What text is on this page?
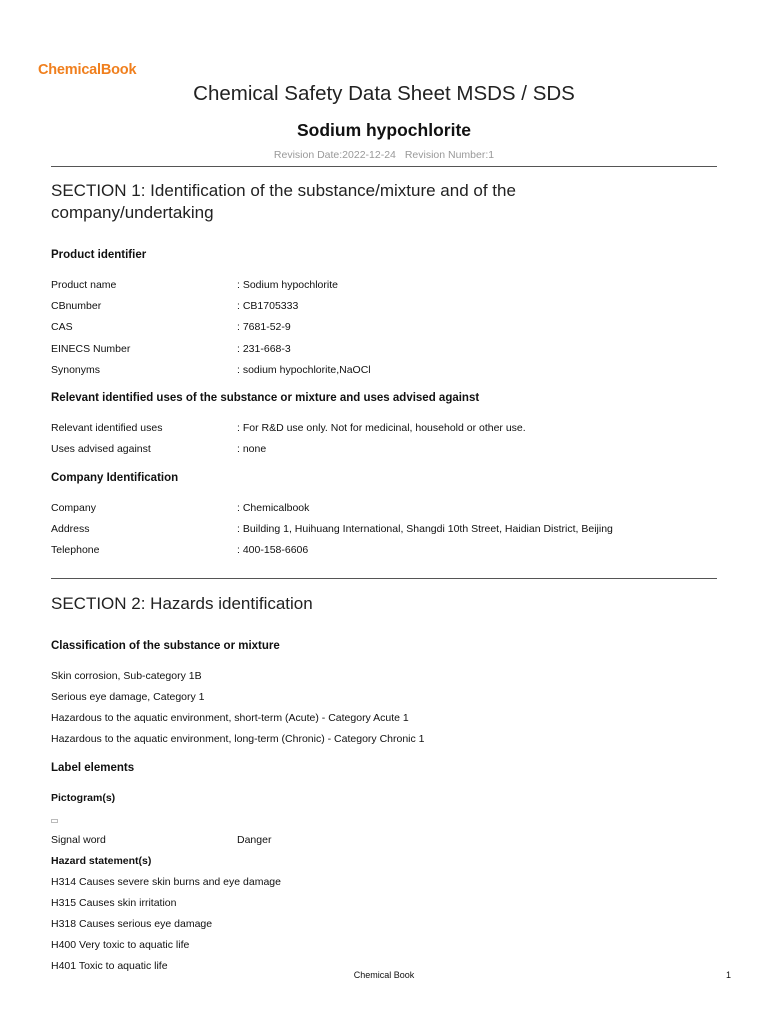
ChemicalBook
Chemical Safety Data Sheet MSDS / SDS
Sodium hypochlorite
Revision Date:2022-12-24 Revision Number:1
SECTION 1: Identification of the substance/mixture and of the company/undertaking
Product identifier
Product name	: Sodium hypochlorite
CBnumber	: CB1705333
CAS	: 7681-52-9
EINECS Number	: 231-668-3
Synonyms	: sodium hypochlorite,NaOCl
Relevant identified uses of the substance or mixture and uses advised against
Relevant identified uses	: For R&D use only. Not for medicinal, household or other use.
Uses advised against	: none
Company Identification
Company	: Chemicalbook
Address	: Building 1, Huihuang International, Shangdi 10th Street, Haidian District, Beijing
Telephone	: 400-158-6606
SECTION 2: Hazards identification
Classification of the substance or mixture
Skin corrosion, Sub-category 1B
Serious eye damage, Category 1
Hazardous to the aquatic environment, short-term (Acute) - Category Acute 1
Hazardous to the aquatic environment, long-term (Chronic) - Category Chronic 1
Label elements
Pictogram(s)
Signal word	Danger
Hazard statement(s)
H314 Causes severe skin burns and eye damage
H315 Causes skin irritation
H318 Causes serious eye damage
H400 Very toxic to aquatic life
H401 Toxic to aquatic life
Chemical Book	1
